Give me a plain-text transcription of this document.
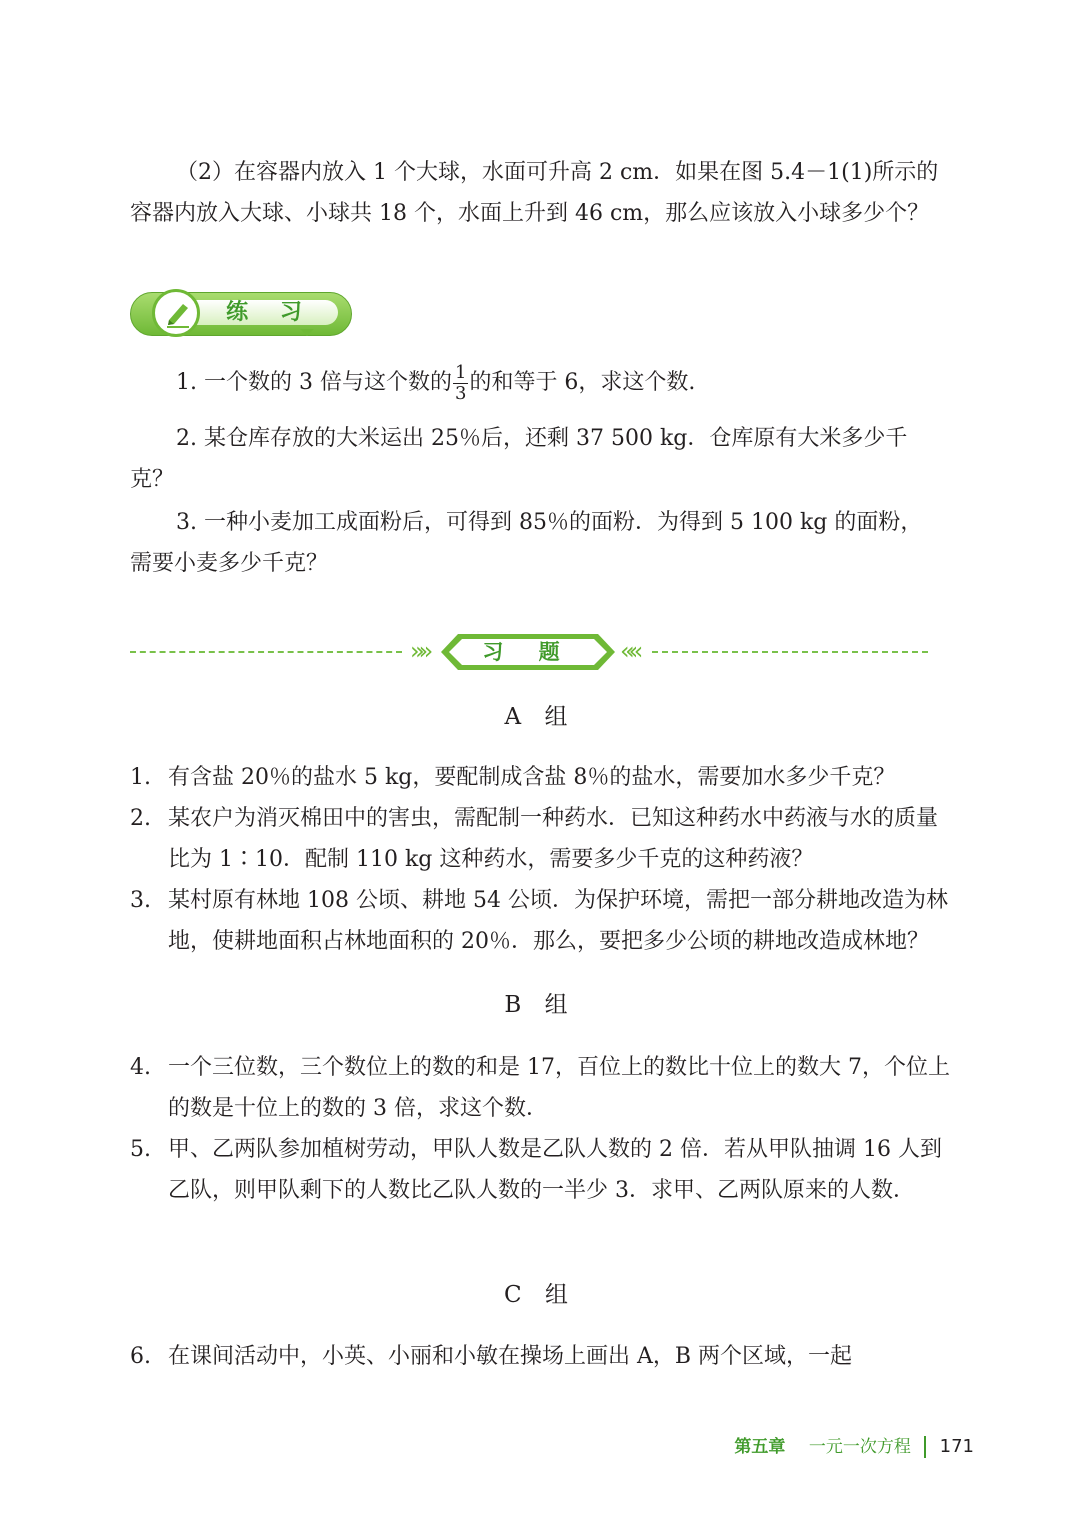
（2）在容器内放入 1 个大球，水面可升高 2 cm．如果在图 5.4－1(1)所示的容器内放入大球、小球共 18 个，水面上升到 46 cm，那么应该放入小球多少个？

练 习

1. 一个数的 3 倍与这个数的 $\frac{1}{3}$ 的和等于 6，求这个数.

2. 某仓库存放的大米运出 25％后，还剩 37 500 kg．仓库原有大米多少千克？

3. 一种小麦加工成面粉后，可得到 85％的面粉．为得到 5 100 kg 的面粉，需要小麦多少千克？

»»	习 题	««

A 组

1. 有含盐 20％的盐水 5 kg，要配制成含盐 8％的盐水，需要加水多少千克？
2. 某农户为消灭棉田中的害虫，需配制一种药水．已知这种药水中药液与水的质量比为 1∶10．配制 110 kg 这种药水，需要多少千克的这种药液？
3. 某村原有林地 108 公顷、耕地 54 公顷．为保护环境，需把一部分耕地改造为林地，使耕地面积占林地面积的 20％．那么，要把多少公顷的耕地改造成林地？

B 组

4. 一个三位数，三个数位上的数的和是 17，百位上的数比十位上的数大 7，个位上的数是十位上的数的 3 倍，求这个数．
5. 甲、乙两队参加植树劳动，甲队人数是乙队人数的 2 倍．若从甲队抽调 16 人到乙队，则甲队剩下的人数比乙队人数的一半少 3．求甲、乙两队原来的人数．

C 组

6. 在课间活动中，小英、小丽和小敏在操场上画出 A，B 两个区域，一起
第五章 一元一次方程 171
